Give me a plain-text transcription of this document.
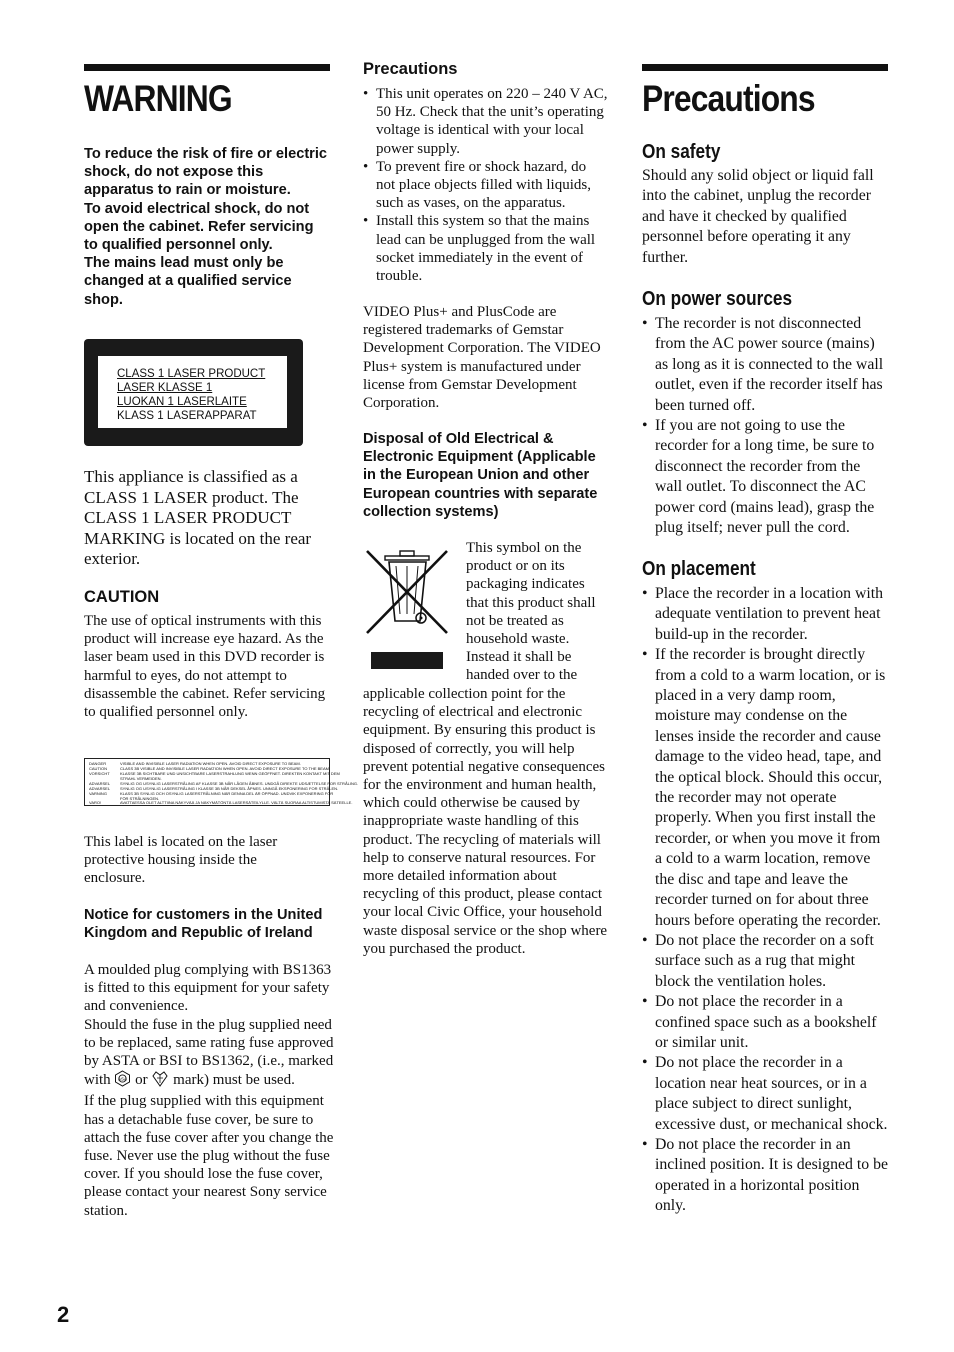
WARNING

To reduce the risk of fire or electric shock, do not expose this apparatus to rain or moisture.

To avoid electrical shock, do not open the cabinet. Refer servicing to qualified personnel only.

The mains lead must only be changed at a qualified service shop.

CLASS 1 LASER PRODUCT
LASER KLASSE 1
LUOKAN 1 LASERLAITE
KLASS 1 LASERAPPARAT

This appliance is classified as a CLASS 1 LASER product. The CLASS 1 LASER PRODUCT MARKING is located on the rear exterior.

CAUTION

The use of optical instruments with this product will increase eye hazard. As the laser beam used in this DVD recorder is harmful to eyes, do not attempt to disassemble the cabinet. Refer servicing to qualified personnel only.

DANGER	VISIBLE AND INVISIBLE LASER RADIATION WHEN OPEN. AVOID DIRECT EXPOSURE TO BEAM.
CAUTION	CLASS 3B VISIBLE AND INVISIBLE LASER RADIATION WHEN OPEN. AVOID DIRECT EXPOSURE TO THE BEAM.
VORSICHT	KLASSE 3B SICHTBARE UND UNSICHTBARE LASERSTRAHLUNG WENN GEÖFFNET. DIREKTEN KONTAKT MIT DEM
STRAHL VERMEIDEN.
ADVARSEL SYNLIG OG USYNLIG LASERSTRÅLING AF KLASSE 3B NÅR LÅGEN ÅBNES. UNDGÅ DIREKTE UDSÆTTELSE FOR STRÅLING.
ADVARSEL SYNLIG OG USYNLIG LASERSTRÅLING I KLASSE 3B NÅR DEKSEL ÅPNES. UNNGÅ EKSPONERING FOR STRÅLEN.
VARNING	KLASS 3B SYNLIG OCH OSYNLIG LASERSTRÅLNING NÄR DENNA DEL ÄR ÖPPNAD. UNDVIK EXPONERING FÖR
FÖR STRÅLNINGEN.
VARO!	AVATTAESSA OLET ALTTIINA NÄKYVÄÄ JA NÄKYMÄTÖNTÄ LASERSÄTEILYLLE. VÄLTÄ SUORAA ALTISTUMISTA SÄTEELLE.

This label is located on the laser protective housing inside the enclosure.

Notice for customers in the United Kingdom and Republic of Ireland

A moulded plug complying with BS1363 is fitted to this equipment for your safety and convenience.

Should the fuse in the plug supplied need to be replaced, same rating fuse approved by ASTA or BSI to BS1362, (i.e., marked with ASA or mark) must be used.

If the plug supplied with this equipment has a detachable fuse cover, be sure to attach the fuse cover after you change the fuse. Never use the plug without the fuse cover. If you should lose the fuse cover, please contact your nearest Sony service station.

Precautions
• This unit operates on 220 – 240 V AC, 50 Hz. Check that the unit’s operating voltage is identical with your local power supply.
• To prevent fire or shock hazard, do not place objects filled with liquids, such as vases, on the apparatus.
• Install this system so that the mains lead can be unplugged from the wall socket immediately in the event of trouble.

VIDEO Plus+ and PlusCode are registered trademarks of Gemstar Development Corporation. The VIDEO Plus+ system is manufactured under license from Gemstar Development Corporation.

Disposal of Old Electrical & Electronic Equipment (Applicable in the European Union and other European countries with separate collection systems)

This symbol on the product or on its packaging indicates that this product shall not be treated as household waste. Instead it shall be handed over to the

applicable collection point for the recycling of electrical and electronic equipment. By ensuring this product is disposed of correctly, you will help prevent potential negative consequences for the environment and human health, which could otherwise be caused by inappropriate waste handling of this product. The recycling of materials will help to conserve natural resources. For more detailed information about recycling of this product, please contact your local Civic Office, your household waste disposal service or the shop where you purchased the product.

Precautions
On safety

Should any solid object or liquid fall into the cabinet, unplug the recorder and have it checked by qualified personnel before operating it any further.

On power sources
• The recorder is not disconnected from the AC power source (mains) as long as it is connected to the wall outlet, even if the recorder itself has been turned off.
• If you are not going to use the recorder for a long time, be sure to disconnect the recorder from the wall outlet. To disconnect the AC power cord (mains lead), grasp the plug itself; never pull the cord.
On placement
• Place the recorder in a location with adequate ventilation to prevent heat build-up in the recorder.
• If the recorder is brought directly from a cold to a warm location, or is placed in a very damp room, moisture may condense on the lenses inside the recorder and cause damage to the video head, tape, and the optical block. Should this occur, the recorder may not operate properly. When you first install the recorder, or when you move it from a cold to a warm location, remove the disc and tape and leave the recorder turned on for about three hours before operating the recorder.
• Do not place the recorder on a soft surface such as a rug that might block the ventilation holes.
• Do not place the recorder in a confined space such as a bookshelf or similar unit.
• Do not place the recorder in a location near heat sources, or in a place subject to direct sunlight, excessive dust, or mechanical shock.
• Do not place the recorder in an inclined position. It is designed to be operated in a horizontal position only.

2
